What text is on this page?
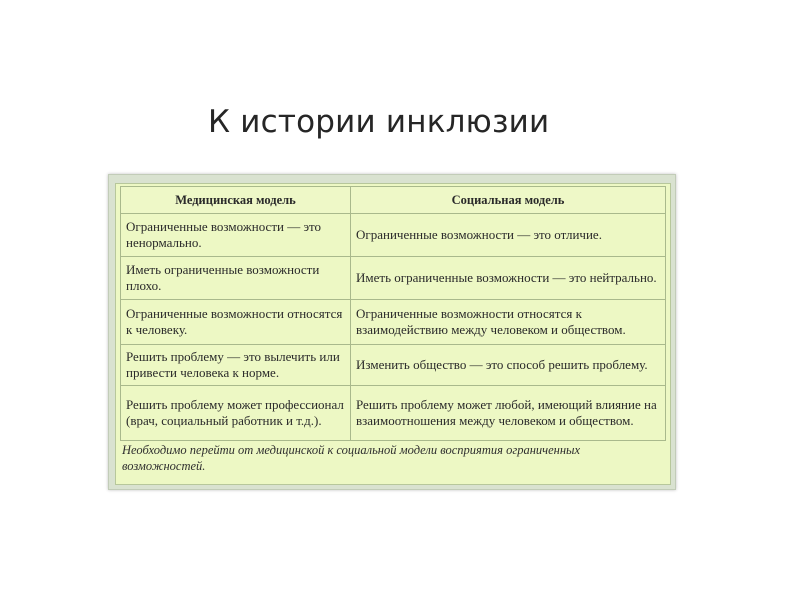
К истории инклюзии
Медицинская модель	Социальная модель
Ограниченные возможности — это ненормально.	Ограниченные возможности — это отличие.
Иметь ограниченные возможности плохо.	Иметь ограниченные возможности — это нейтрально.
Ограниченные возможности относятся к человеку.	Ограниченные возможности относятся к взаимодействию между человеком и обществом.
Решить проблему — это вылечить или привести человека к норме.	Изменить общество — это способ решить проблему.
Решить проблему может профессионал (врач, социальный работник и т.д.).	Решить проблему может любой, имеющий влияние на взаимоотношения между человеком и обществом.
Необходимо перейти от медицинской к социальной модели восприятия ограниченных возможностей.
